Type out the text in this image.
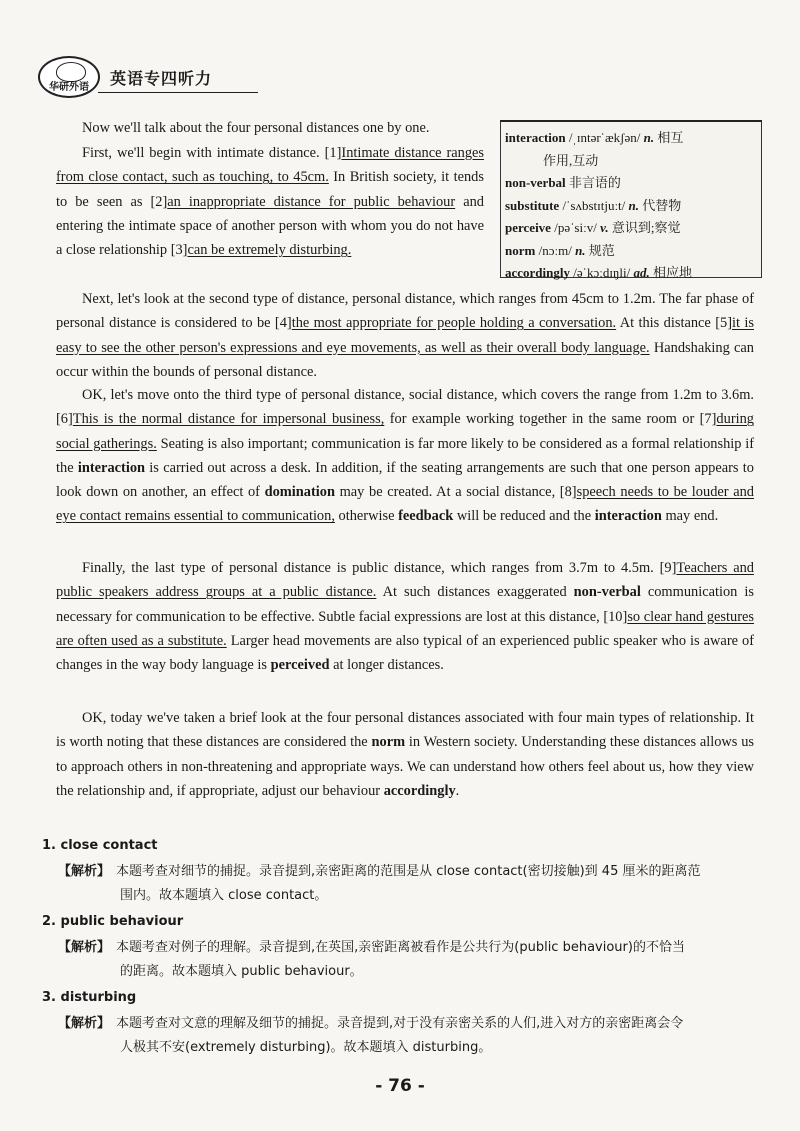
华研外语	英语专四听力
interaction /ˌɪntərˈækʃən/ n. 相互
作用,互动
non-verbal 非言语的
substitute /ˈsʌbstɪtjuːt/ n. 代替物
perceive /pəˈsiːv/ v. 意识到;察觉
norm /nɔːm/ n. 规范
accordingly /əˈkɔːdɪŋli/ ad. 相应地

Now we'll talk about the four personal distances one by one.

First, we'll begin with intimate distance. [1]Intimate distance ranges from close contact, such as touching, to 45cm. In British society, it tends to be seen as [2]an inappropriate distance for public behaviour and entering the intimate space of another person with whom you do not have a close relationship [3]can be extremely disturbing.

Next, let's look at the second type of distance, personal distance, which ranges from 45cm to 1.2m. The far phase of personal distance is considered to be [4]the most appropriate for people holding a conversation. At this distance [5]it is easy to see the other person's expressions and eye movements, as well as their overall body language. Handshaking can occur within the bounds of personal distance.

OK, let's move onto the third type of personal distance, social distance, which covers the range from 1.2m to 3.6m. [6]This is the normal distance for impersonal business, for example working together in the same room or [7]during social gatherings. Seating is also important; communication is far more likely to be considered as a formal relationship if the interaction is carried out across a desk. In addition, if the seating arrangements are such that one person appears to look down on another, an effect of domination may be created. At a social distance, [8]speech needs to be louder and eye contact remains essential to communication, otherwise feedback will be reduced and the interaction may end.

Finally, the last type of personal distance is public distance, which ranges from 3.7m to 4.5m. [9]Teachers and public speakers address groups at a public distance. At such distances exaggerated non-verbal communication is necessary for communication to be effective. Subtle facial expressions are lost at this distance, [10]so clear hand gestures are often used as a substitute. Larger head movements are also typical of an experienced public speaker who is aware of changes in the way body language is perceived at longer distances.

OK, today we've taken a brief look at the four personal distances associated with four main types of relationship. It is worth noting that these distances are considered the norm in Western society. Understanding these distances allows us to approach others in non-threatening and appropriate ways. We can understand how others feel about us, how they view the relationship and, if appropriate, adjust our behaviour accordingly.

1. close contact
【解析】 本题考查对细节的捕捉。录音提到,亲密距离的范围是从 close contact(密切接触)到 45 厘米的距离范
围内。故本题填入 close contact。
2. public behaviour
【解析】 本题考查对例子的理解。录音提到,在英国,亲密距离被看作是公共行为(public behaviour)的不恰当
的距离。故本题填入 public behaviour。
3. disturbing
【解析】 本题考查对文意的理解及细节的捕捉。录音提到,对于没有亲密关系的人们,进入对方的亲密距离会令
人极其不安(extremely disturbing)。故本题填入 disturbing。
- 76 -
